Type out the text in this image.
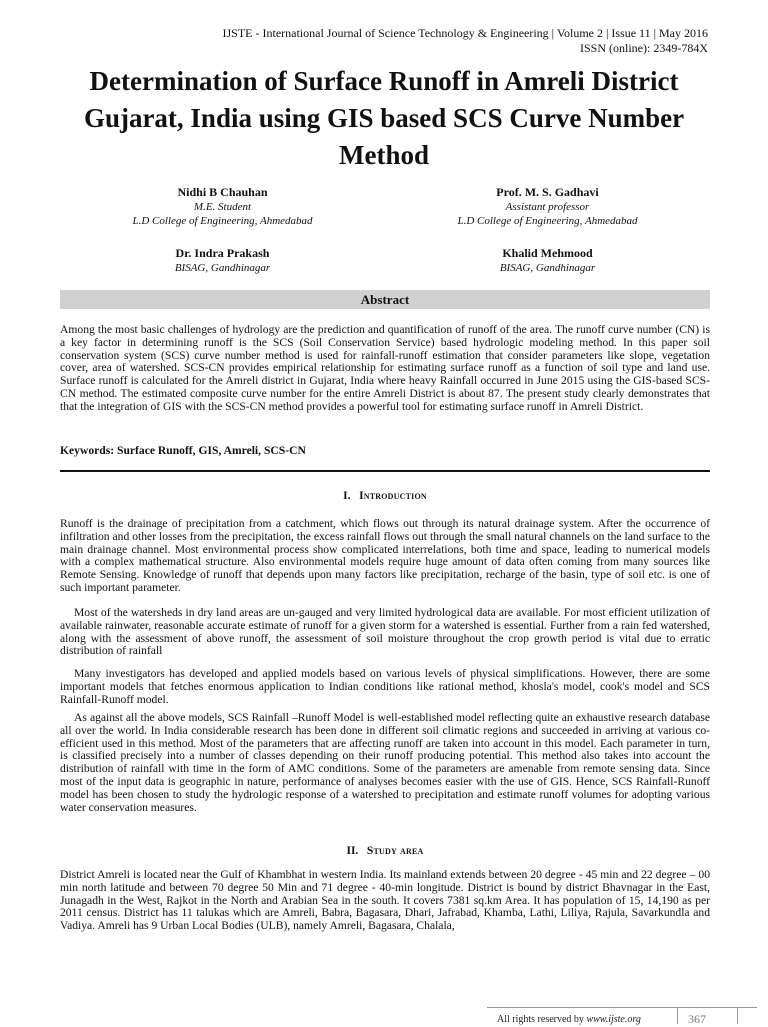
IJSTE - International Journal of Science Technology & Engineering | Volume 2 | Issue 11 | May 2016
ISSN (online): 2349-784X
Determination of Surface Runoff in Amreli District Gujarat, India using GIS based SCS Curve Number Method
Nidhi B Chauhan
M.E. Student
L.D College of Engineering, Ahmedabad
Prof. M. S. Gadhavi
Assistant professor
L.D College of Engineering, Ahmedabad
Dr. Indra Prakash
BISAG, Gandhinagar
Khalid Mehmood
BISAG, Gandhinagar
Abstract

Among the most basic challenges of hydrology are the prediction and quantification of runoff of the area. The runoff curve number (CN) is a key factor in determining runoff is the SCS (Soil Conservation Service) based hydrologic modeling method. In this paper soil conservation system (SCS) curve number method is used for rainfall-runoff estimation that consider parameters like slope, vegetation cover, area of watershed. SCS-CN provides empirical relationship for estimating surface runoff as a function of soil type and land use. Surface runoff is calculated for the Amreli district in Gujarat, India where heavy Rainfall occurred in June 2015 using the GIS-based SCS-CN method. The estimated composite curve number for the entire Amreli District is about 87. The present study clearly demonstrates that that the integration of GIS with the SCS-CN method provides a powerful tool for estimating surface runoff in Amreli District.

Keywords: Surface Runoff, GIS, Amreli, SCS-CN
I. Introduction

Runoff is the drainage of precipitation from a catchment, which flows out through its natural drainage system. After the occurrence of infiltration and other losses from the precipitation, the excess rainfall flows out through the small natural channels on the land surface to the main drainage channel. Most environmental process show complicated interrelations, both time and space, leading to numerical models with a complex mathematical structure. Also environmental models require huge amount of data often coming from many sources like Remote Sensing. Knowledge of runoff that depends upon many factors like precipitation, recharge of the basin, type of soil etc. is one of such important parameter.

Most of the watersheds in dry land areas are un-gauged and very limited hydrological data are available. For most efficient utilization of available rainwater, reasonable accurate estimate of runoff for a given storm for a watershed is essential. Further from a rain fed watershed, along with the assessment of above runoff, the assessment of soil moisture throughout the crop growth period is vital due to erratic distribution of rainfall

Many investigators has developed and applied models based on various levels of physical simplifications. However, there are some important models that fetches enormous application to Indian conditions like rational method, khosla's model, cook's model and SCS Rainfall-Runoff model.

As against all the above models, SCS Rainfall –Runoff Model is well-established model reflecting quite an exhaustive research database all over the world. In India considerable research has been done in different soil climatic regions and succeeded in arriving at various co-efficient used in this method. Most of the parameters that are affecting runoff are taken into account in this model. Each parameter in turn, is classified precisely into a number of classes depending on their runoff producing potential. This method also takes into account the distribution of rainfall with time in the form of AMC conditions. Some of the parameters are amenable from remote sensing data. Since most of the input data is geographic in nature, performance of analyses becomes easier with the use of GIS. Hence, SCS Rainfall-Runoff model has been chosen to study the hydrologic response of a watershed to precipitation and estimate runoff volumes for adopting various water conservation measures.

II. Study area

District Amreli is located near the Gulf of Khambhat in western India. Its mainland extends between 20 degree - 45 min and 22 degree – 00 min north latitude and between 70 degree 50 Min and 71 degree - 40-min longitude. District is bound by district Bhavnagar in the East, Junagadh in the West, Rajkot in the North and Arabian Sea in the south. It covers 7381 sq.km Area. It has population of 15, 14,190 as per 2011 census. District has 11 talukas which are Amreli, Babra, Bagasara, Dhari, Jafrabad, Khamba, Lathi, Liliya, Rajula, Savarkundla and Vadiya. Amreli has 9 Urban Local Bodies (ULB), namely Amreli, Bagasara, Chalala,

All rights reserved by www.ijste.org	367
